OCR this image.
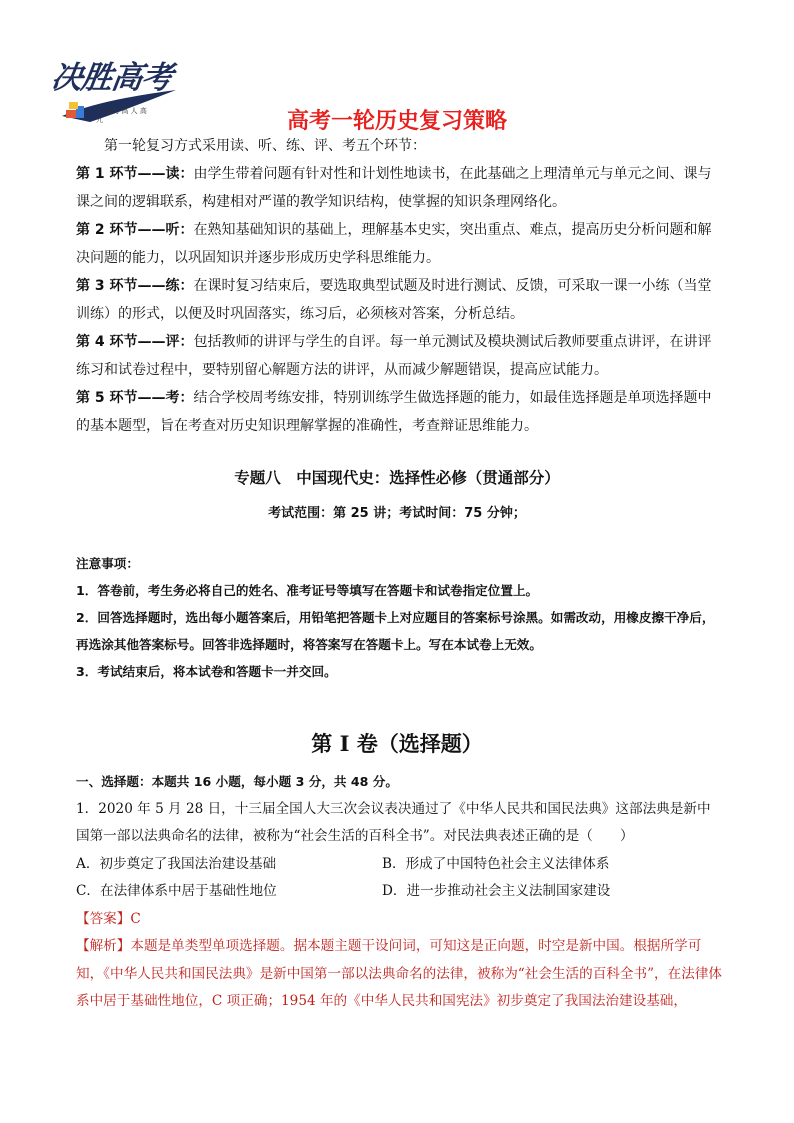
决胜高考
夕 量为 高 人 高 九	高考一轮历史复习策略

第一轮复习方式采用读、听、练、评、考五个环节：

第 1 环节——读：由学生带着问题有针对性和计划性地读书，在此基础之上理清单元与单元之间、课与课之间的逻辑联系，构建相对严谨的教学知识结构，使掌握的知识条理网络化。

第 2 环节——听：在熟知基础知识的基础上，理解基本史实，突出重点、难点，提高历史分析问题和解决问题的能力，以巩固知识并逐步形成历史学科思维能力。

第 3 环节——练：在课时复习结束后，要选取典型试题及时进行测试、反馈，可采取一课一小练（当堂训练）的形式，以便及时巩固落实，练习后，必须核对答案，分析总结。

第 4 环节——评：包括教师的讲评与学生的自评。每一单元测试及模块测试后教师要重点讲评，在讲评练习和试卷过程中，要特别留心解题方法的讲评，从而减少解题错误，提高应试能力。

第 5 环节——考：结合学校周考练安排，特别训练学生做选择题的能力，如最佳选择题是单项选择题中的基本题型，旨在考查对历史知识理解掌握的准确性，考查辩证思维能力。

专题八　中国现代史：选择性必修（贯通部分）
考试范围：第 25 讲；考试时间：75 分钟；

注意事项：

1．答卷前，考生务必将自己的姓名、准考证号等填写在答题卡和试卷指定位置上。

2．回答选择题时，选出每小题答案后，用铅笔把答题卡上对应题目的答案标号涂黑。如需改动，用橡皮擦干净后，再选涂其他答案标号。回答非选择题时，将答案写在答题卡上。写在本试卷上无效。

3．考试结束后，将本试卷和答题卡一并交回。

第 I 卷（选择题）

一、选择题：本题共 16 小题，每小题 3 分，共 48 分。

1．2020 年 5 月 28 日，十三届全国人大三次会议表决通过了《中华人民共和国民法典》这部法典是新中国第一部以法典命名的法律，被称为“社会生活的百科全书”。对民法典表述正确的是（　　）

A．初步奠定了我国法治建设基础	B．形成了中国特色社会主义法律体系
C．在法律体系中居于基础性地位	D．进一步推动社会主义法制国家建设

【答案】C

【解析】本题是单类型单项选择题。据本题主题干设问词，可知这是正向题，时空是新中国。根据所学可知，《中华人民共和国民法典》是新中国第一部以法典命名的法律，被称为“社会生活的百科全书”，在法律体系中居于基础性地位，C 项正确；1954 年的《中华人民共和国宪法》初步奠定了我国法治建设基础，
